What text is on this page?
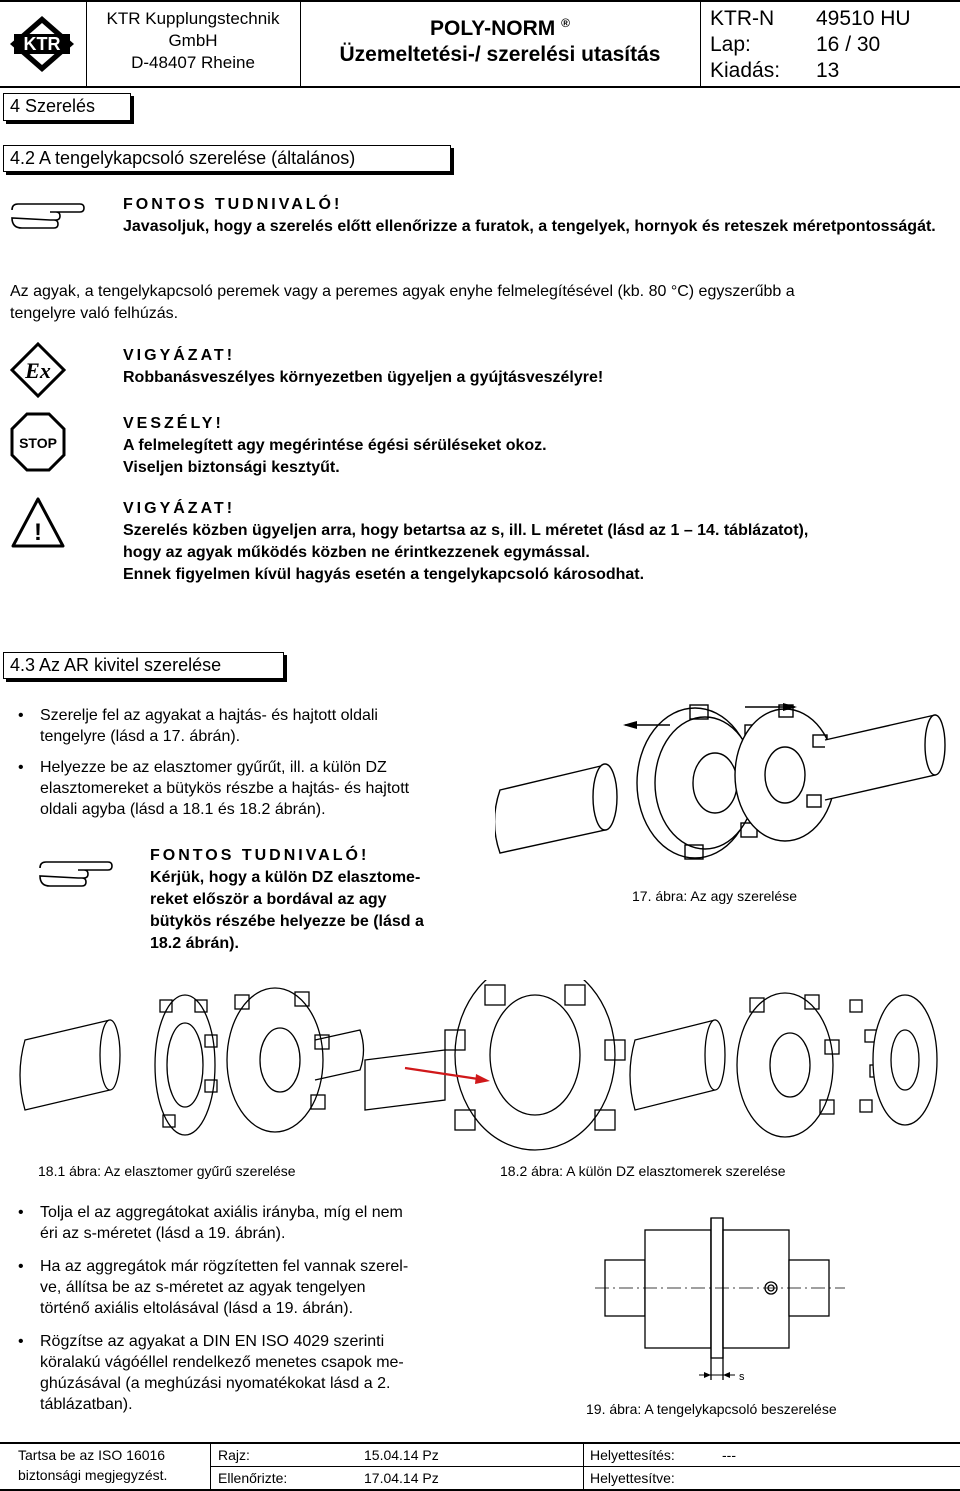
KTR
KTR Kupplungstechnik
GmbH
D-48407 Rheine
POLY-NORM ®
Üzemeltetési-/ szerelési utasítás
KTR-N	49510 HU
Lap:	16 / 30
Kiadás:	13
4 Szerelés
4.2 A tengelykapcsoló szerelése (általános)
FONTOS TUDNIVALÓ!
Javasoljuk, hogy a szerelés előtt ellenőrizze a furatok, a tengelyek, hornyok és reteszek méretpontosságát.
Az agyak, a tengelykapcsoló peremek vagy a peremes agyak enyhe felmelegítésével (kb. 80 °C) egyszerűbb a
tengelyre való felhúzás.
Ex
VIGYÁZAT!
Robbanásveszélyes környezetben ügyeljen a gyújtásveszélyre!
STOP
VESZÉLY!
A felmelegített agy megérintése égési sérüléseket okoz.
Viseljen biztonsági kesztyűt.
!
VIGYÁZAT!
Szerelés közben ügyeljen arra, hogy betartsa az s, ill. L méretet (lásd az 1 – 14. táblázatot),
hogy az agyak működés közben ne érintkezzenek egymással.
Ennek figyelmen kívül hagyás esetén a tengelykapcsoló károsodhat.
4.3 Az AR kivitel szerelése
•	Szerelje fel az agyakat a hajtás- és hajtott oldali
tengelyre (lásd a 17. ábrán).
•	Helyezze be az elasztomer gyűrűt, ill. a külön DZ
elasztomereket a bütykös részbe a hajtás- és hajtott
oldali agyba (lásd a 18.1 és 18.2 ábrán).
FONTOS TUDNIVALÓ!
Kérjük, hogy a külön DZ elasztome-
reket először a bordával az agy
bütykös részébe helyezze be (lásd a
18.2 ábrán).
17. ábra: Az agy szerelése
18.1 ábra: Az elasztomer gyűrű szerelése	18.2 ábra: A külön DZ elasztomerek szerelése
•	Tolja el az aggregátokat axiális irányba, míg el nem
éri az s-méretet (lásd a 19. ábrán).
•	Ha az aggregátok már rögzítetten fel vannak szerel-
ve, állítsa be az s-méretet az agyak tengelyen
történő axiális eltolásával (lásd a 19. ábrán).
•	Rögzítse az agyakat a DIN EN ISO 4029 szerinti
köralakú vágóéllel rendelkező menetes csapok me-
ghúzásával (a meghúzási nyomatékokat lásd a 2.
táblázatban).
s
19. ábra: A tengelykapcsoló beszerelése
Tartsa be az ISO 16016
biztonsági megjegyzést.
Rajz:	15.04.14 Pz
Ellenőrizte:	17.04.14 Pz
Helyettesítés:	---
Helyettesítve:
